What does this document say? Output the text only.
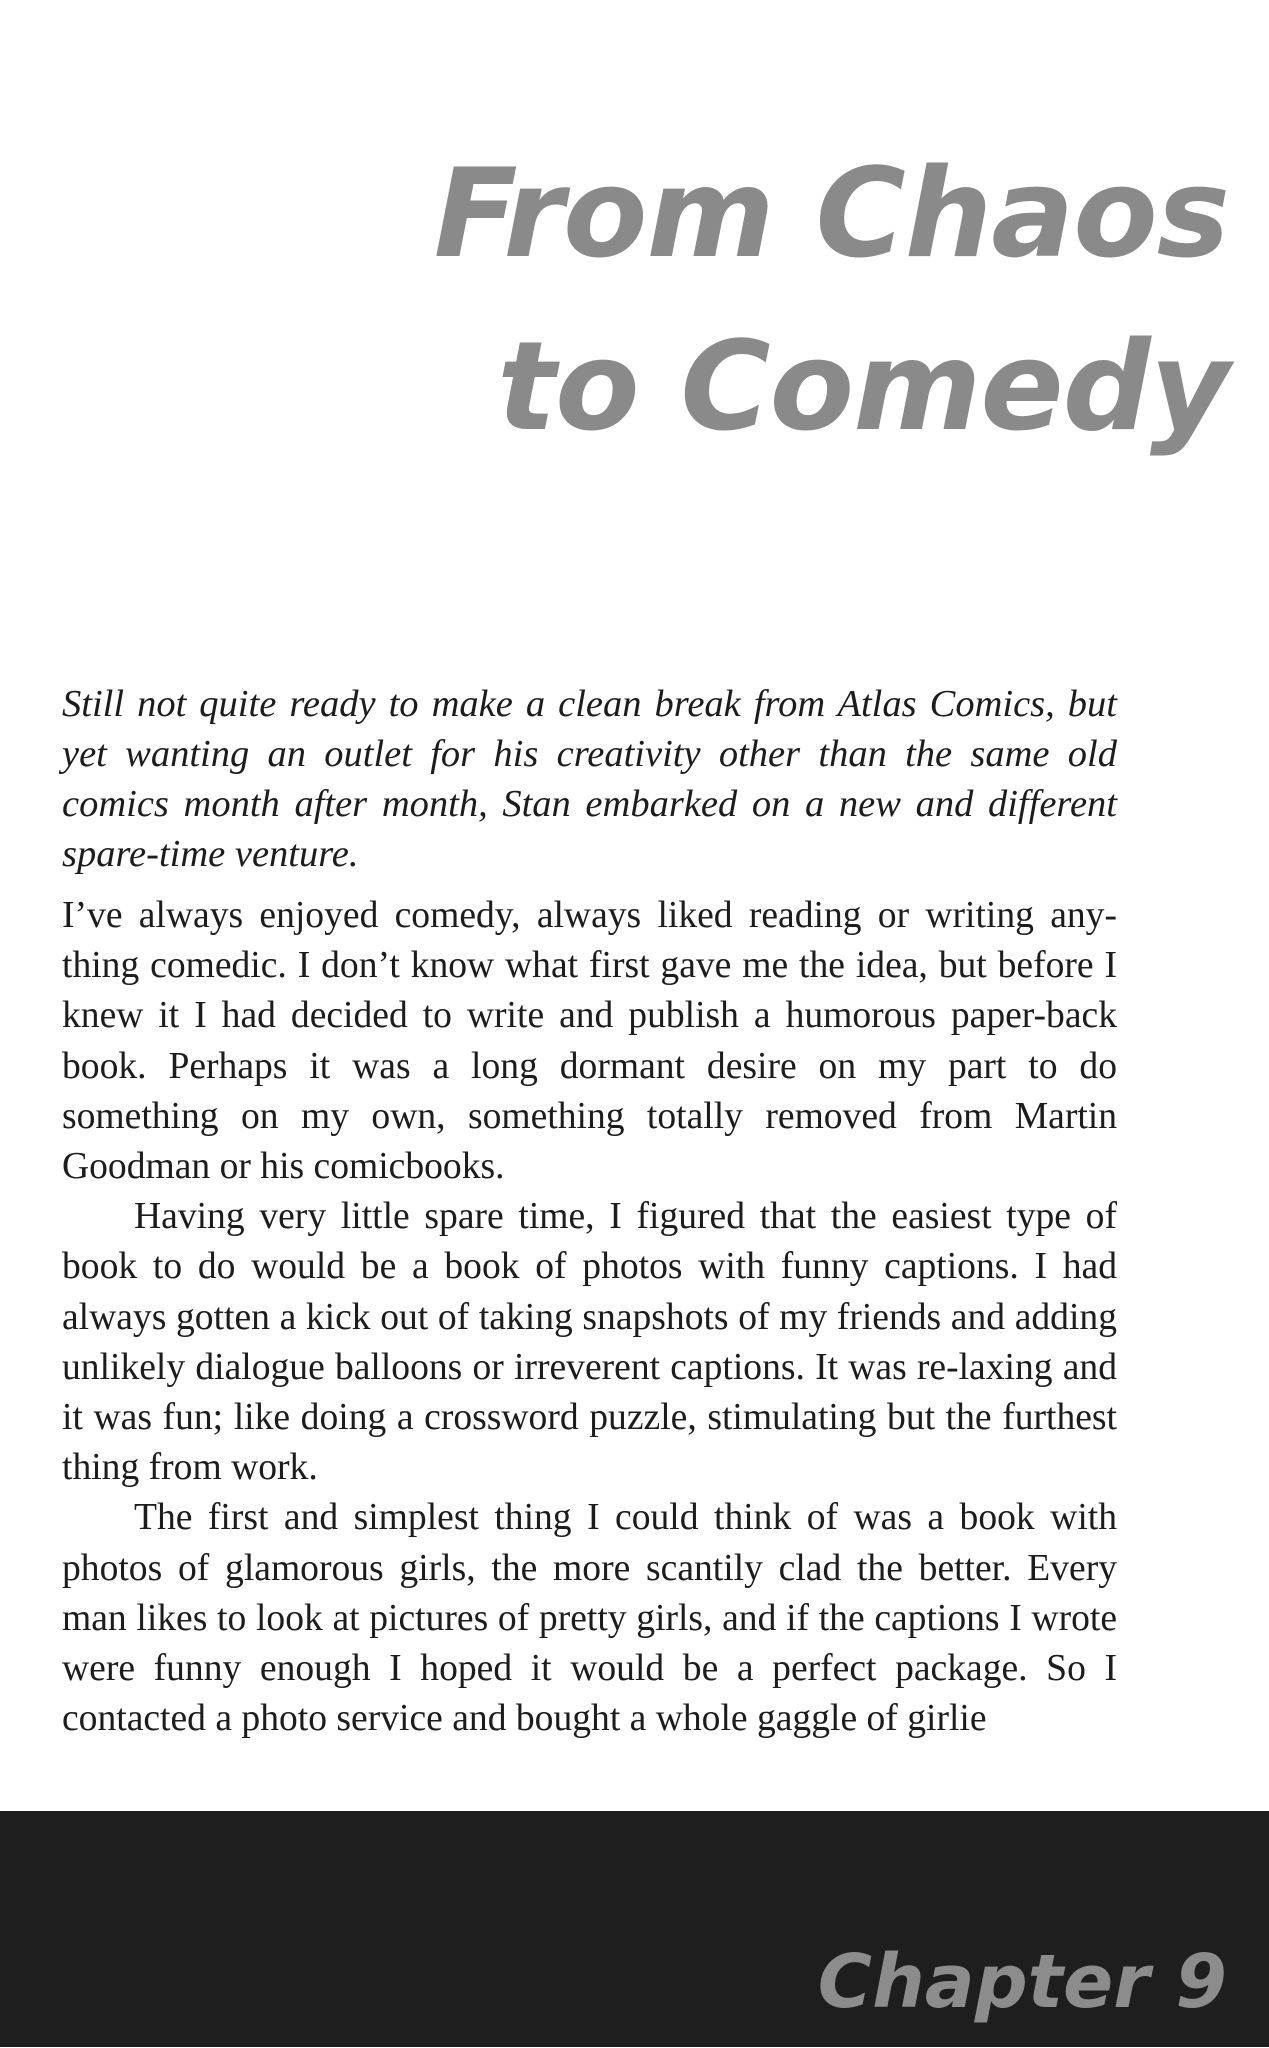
From Chaos
to Comedy

Still not quite ready to make a clean break from Atlas Comics, but yet wanting an outlet for his creativity other than the same old comics month after month, Stan embarked on a new and different spare-time venture.

I’ve always enjoyed comedy, always liked reading or writing any-thing comedic. I don’t know what first gave me the idea, but before I knew it I had decided to write and publish a humorous paper-back book. Perhaps it was a long dormant desire on my part to do something on my own, something totally removed from Martin Goodman or his comicbooks.

Having very little spare time, I figured that the easiest type of book to do would be a book of photos with funny captions. I had always gotten a kick out of taking snapshots of my friends and adding unlikely dialogue balloons or irreverent captions. It was re-laxing and it was fun; like doing a crossword puzzle, stimulating but the furthest thing from work.

The first and simplest thing I could think of was a book with photos of glamorous girls, the more scantily clad the better. Every man likes to look at pictures of pretty girls, and if the captions I wrote were funny enough I hoped it would be a perfect package. So I contacted a photo service and bought a whole gaggle of girlie

Chapter 9
